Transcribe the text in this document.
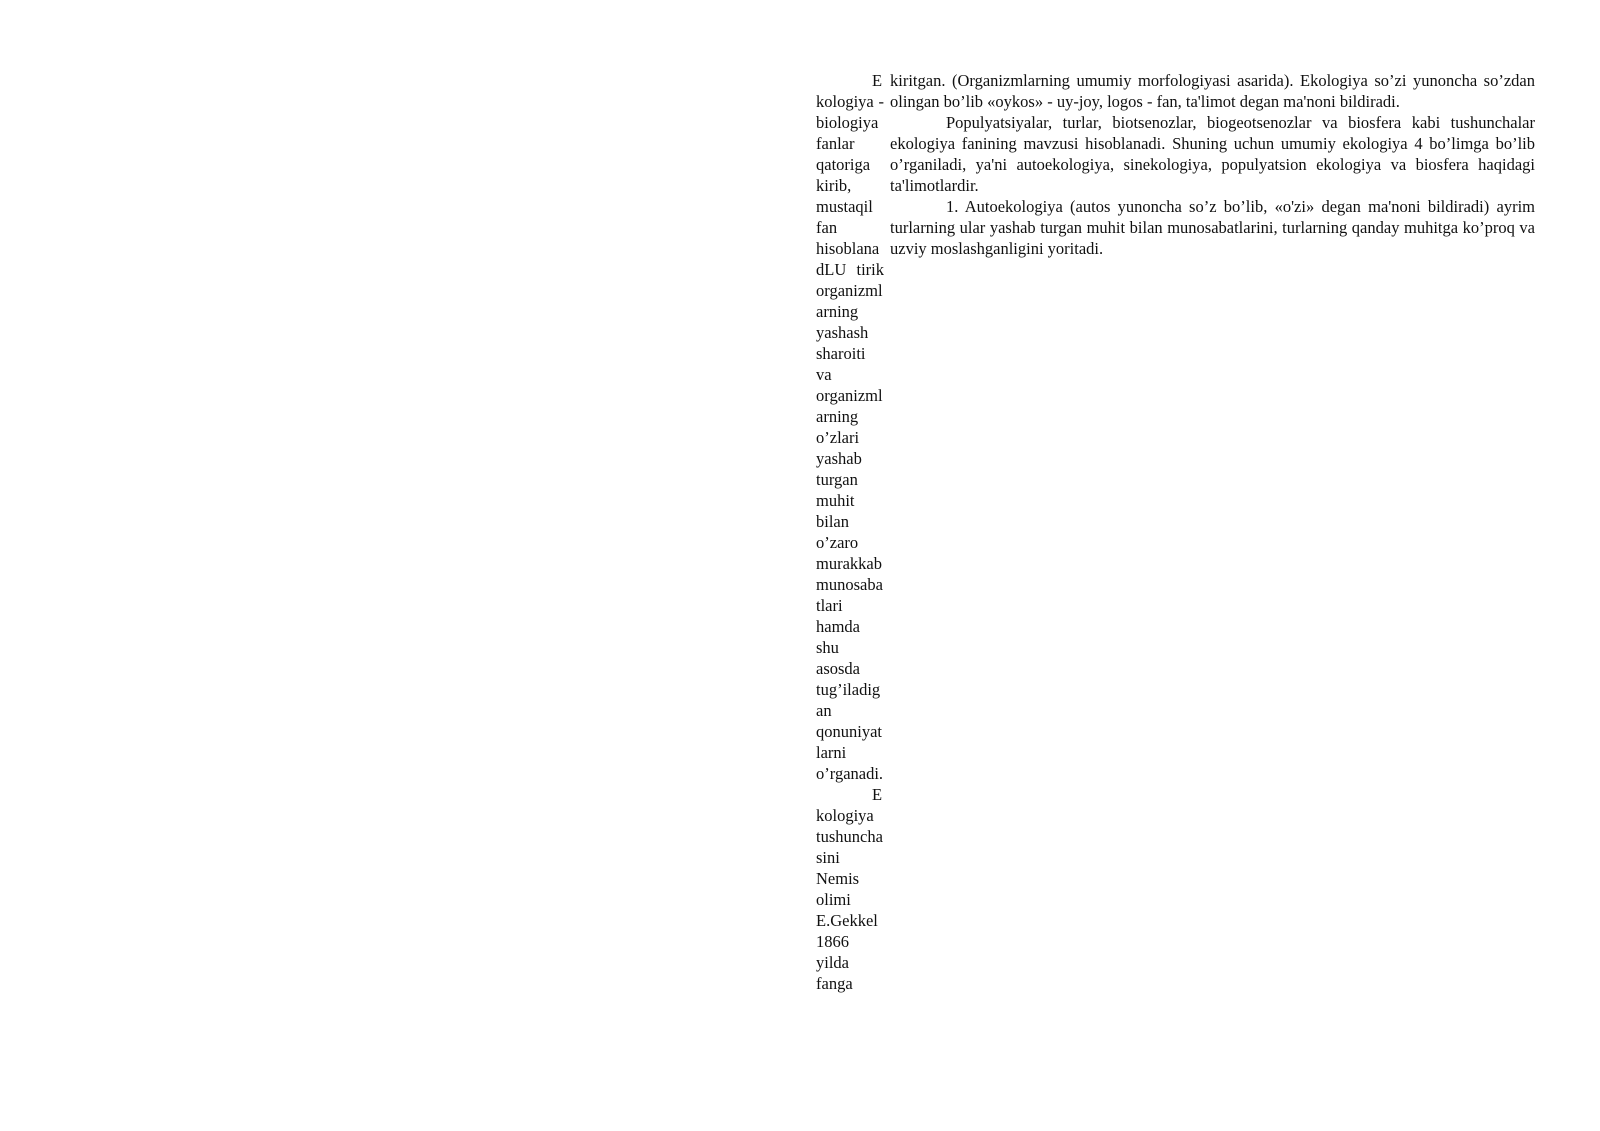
Ekologiya - biologiya fanlar qatoriga kirib, mustaqil fan hisoblanadLU tirik organizmlarning yashash sharoiti va organizmlarning o’zlari yashab turgan muhit bilan o’zaro murakkab munosabatlari hamda shu asosda tug’iladigan qonuniyatlarni o’rganadi.

Ekologiya tushunchasini Nemis olimi E.Gekkel 1866 yilda fanga

kiritgan. (Organizmlarning umumiy morfologiyasi asarida). Ekologiya so’zi yunoncha so’zdan olingan bo’lib «oykos» - uy-joy, logos - fan, ta'limot degan ma'noni bildiradi.

Populyatsiyalar, turlar, biotsenozlar, biogeotsenozlar va biosfera kabi tushunchalar ekologiya fanining mavzusi hisoblanadi. Shuning uchun umumiy ekologiya 4 bo’limga bo’lib o’rganiladi, ya'ni autoekologiya, sinekologiya, populyatsion ekologiya va biosfera haqidagi ta'limotlardir.

1. Autoekologiya (autos yunoncha so’z bo’lib, «o'zi» degan ma'noni bildiradi) ayrim turlarning ular yashab turgan muhit bilan munosabatlarini, turlarning qanday muhitga ko’proq va uzviy moslashganligini yoritadi.
